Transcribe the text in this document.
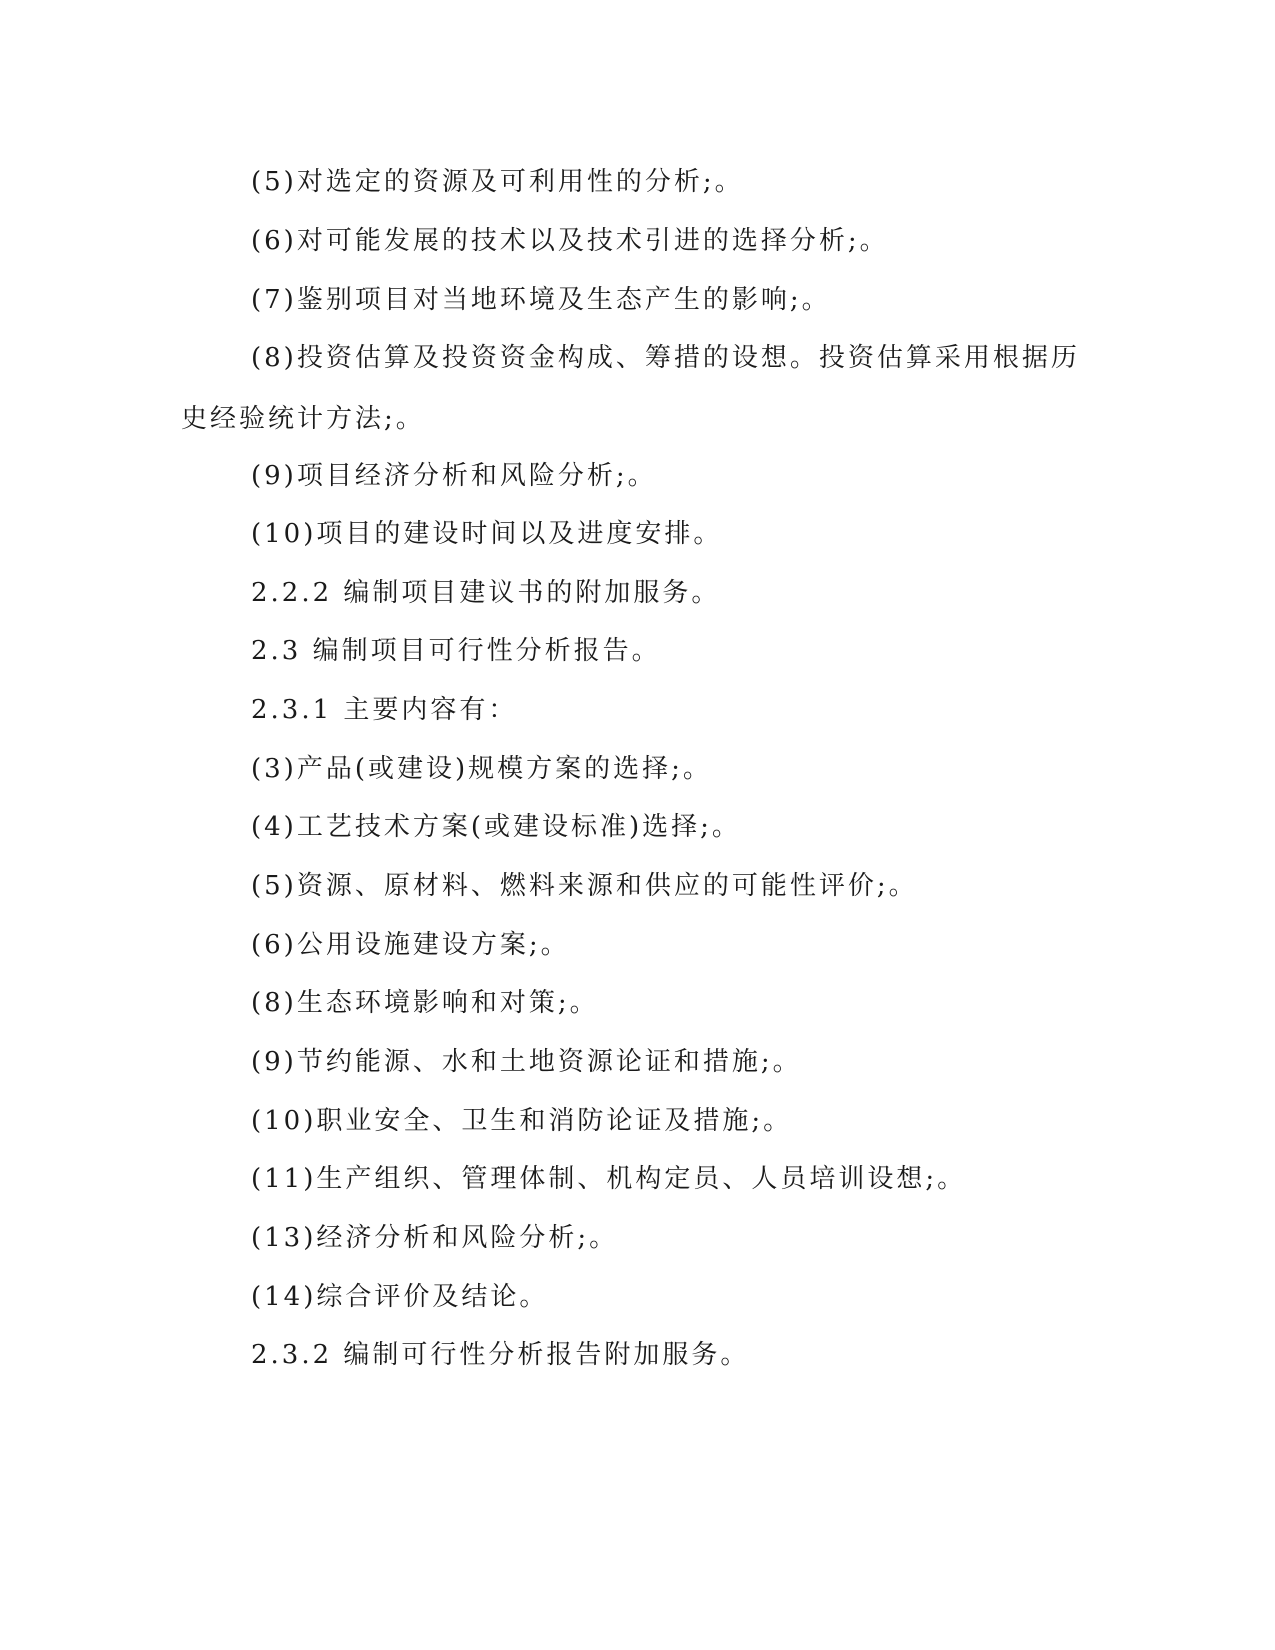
(5)对选定的资源及可利用性的分析;。

(6)对可能发展的技术以及技术引进的选择分析;。

(7)鉴别项目对当地环境及生态产生的影响;。

(8)投资估算及投资资金构成、筹措的设想。投资估算采用根据历史经验统计方法;。

(9)项目经济分析和风险分析;。

(10)项目的建设时间以及进度安排。

2.2.2 编制项目建议书的附加服务。

2.3 编制项目可行性分析报告。

2.3.1 主要内容有：

(3)产品(或建设)规模方案的选择;。

(4)工艺技术方案(或建设标准)选择;。

(5)资源、原材料、燃料来源和供应的可能性评价;。

(6)公用设施建设方案;。

(8)生态环境影响和对策;。

(9)节约能源、水和土地资源论证和措施;。

(10)职业安全、卫生和消防论证及措施;。

(11)生产组织、管理体制、机构定员、人员培训设想;。

(13)经济分析和风险分析;。

(14)综合评价及结论。

2.3.2 编制可行性分析报告附加服务。
